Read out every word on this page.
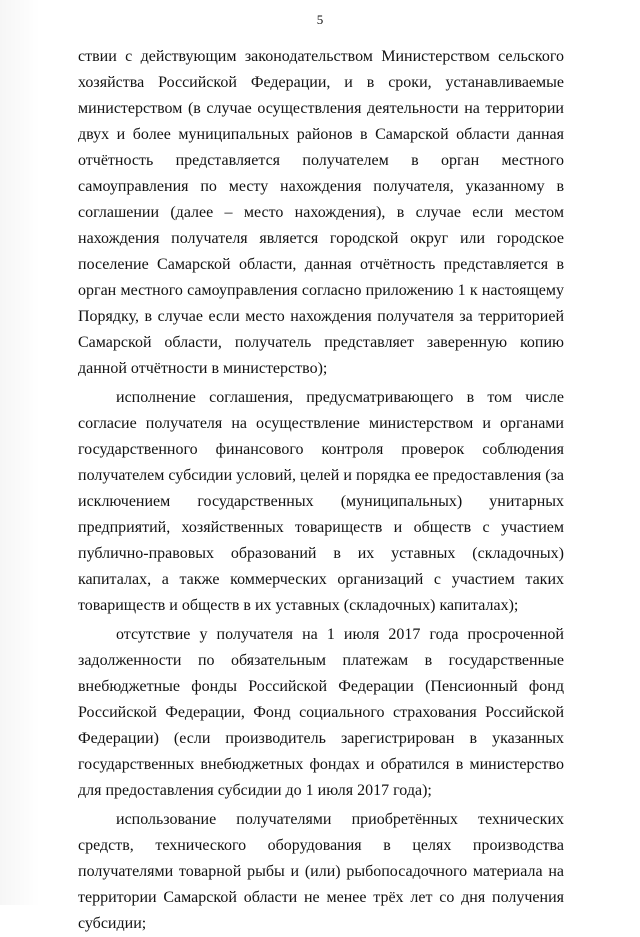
5

ствии с действующим законодательством Министерством сельского хозяйства Российской Федерации, и в сроки, устанавливаемые министерством (в случае осуществления деятельности на территории двух и более муниципальных районов в Самарской области данная отчётность представляется получателем в орган местного самоуправления по месту нахождения получателя, указанному в соглашении (далее – место нахождения), в случае если местом нахождения получателя является городской округ или городское поселение Самарской области, данная отчётность представляется в орган местного самоуправления согласно приложению 1 к настоящему Порядку, в случае если место нахождения получателя за территорией Самарской области, получатель представляет заверенную копию данной отчётности в министерство);

исполнение соглашения, предусматривающего в том числе согласие получателя на осуществление министерством и органами государственного финансового контроля проверок соблюдения получателем субсидии условий, целей и порядка ее предоставления (за исключением государственных (муниципальных) унитарных предприятий, хозяйственных товариществ и обществ с участием публично-правовых образований в их уставных (складочных) капиталах, а также коммерческих организаций с участием таких товариществ и обществ в их уставных (складочных) капиталах);

отсутствие у получателя на 1 июля 2017 года просроченной задолженности по обязательным платежам в государственные внебюджетные фонды Российской Федерации (Пенсионный фонд Российской Федерации, Фонд социального страхования Российской Федерации) (если производитель зарегистрирован в указанных государственных внебюджетных фондах и обратился в министерство для предоставления субсидии до 1 июля 2017 года);

использование получателями приобретённых технических средств, технического оборудования в целях производства получателями товарной рыбы и (или) рыбопосадочного материала на территории Самарской области не менее трёх лет со дня получения субсидии;
